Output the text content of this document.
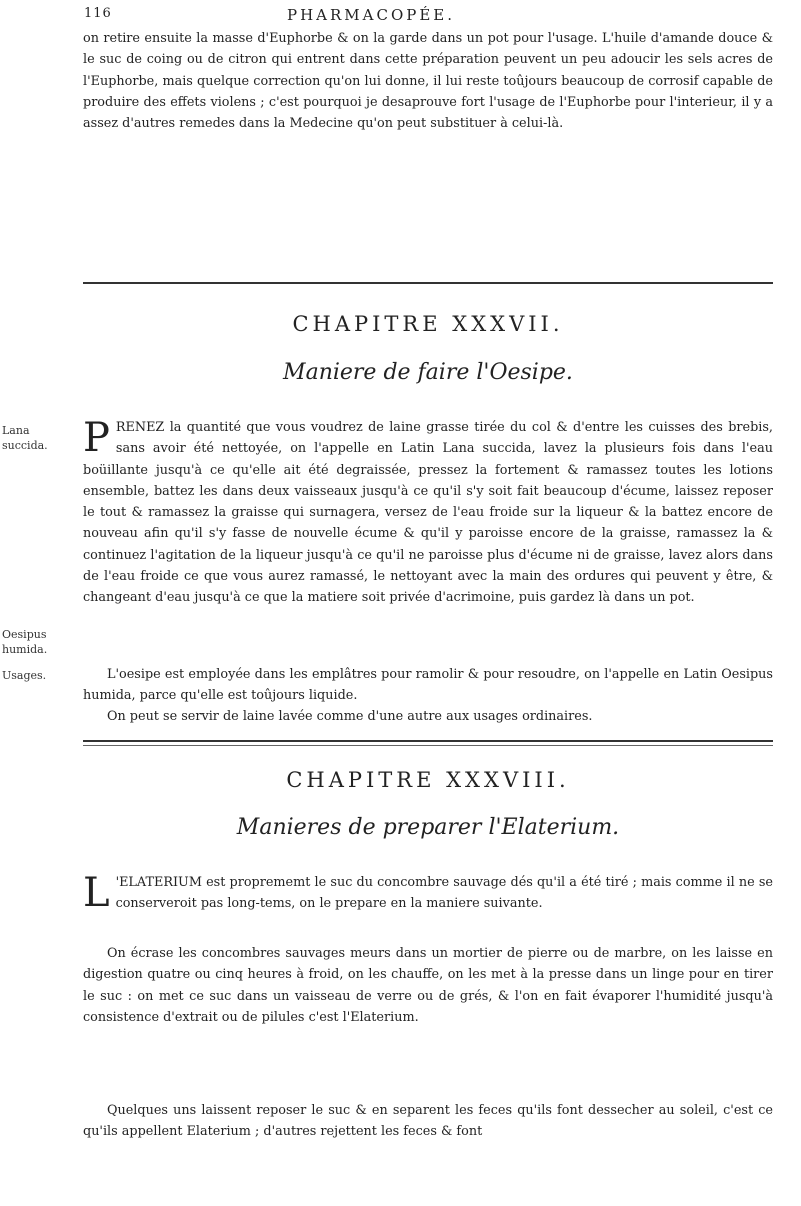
116	PHARMACOPÉE.
on retire ensuite la masse d'Euphorbe & on la garde dans un pot pour l'usage. L'huile d'amande douce & le suc de coing ou de citron qui entrent dans cette préparation peuvent un peu adoucir les sels acres de l'Euphorbe, mais quelque correction qu'on lui donne, il lui reste toûjours beaucoup de corrosif capable de produire des effets violens ; c'est pourquoi je desaprouve fort l'usage de l'Euphorbe pour l'interieur, il y a assez d'autres remedes dans la Medecine qu'on peut substituer à celui-là.
CHAPITRE XXXVII.
Maniere de faire l'Oesipe.
Lana succida.
Oesipus humida.
Usages.
PRENEZ la quantité que vous voudrez de laine grasse tirée du col & d'entre les cuisses des brebis, sans avoir été nettoyée, on l'appelle en Latin Lana succida, lavez la plusieurs fois dans l'eau boüillante jusqu'à ce qu'elle ait été degraissée, pressez la fortement & ramassez toutes les lotions ensemble, battez les dans deux vaisseaux jusqu'à ce qu'il s'y soit fait beaucoup d'écume, laissez reposer le tout & ramassez la graisse qui surnagera, versez de l'eau froide sur la liqueur & la battez encore de nouveau afin qu'il s'y fasse de nouvelle écume & qu'il y paroisse encore de la graisse, ramassez la & continuez l'agitation de la liqueur jusqu'à ce qu'il ne paroisse plus d'écume ni de graisse, lavez alors dans de l'eau froide ce que vous aurez ramassé, le nettoyant avec la main des ordures qui peuvent y être, & changeant d'eau jusqu'à ce que la matiere soit privée d'acrimoine, puis gardez là dans un pot.
L'oesipe est employée dans les emplâtres pour ramolir & pour resoudre, on l'appelle en Latin Oesipus humida, parce qu'elle est toûjours liquide.
On peut se servir de laine lavée comme d'une autre aux usages ordinaires.
CHAPITRE XXXVIII.
Manieres de preparer l'Elaterium.
L 'ELATERIUM est proprememt le suc du concombre sauvage dés qu'il a été tiré ; mais comme il ne se conserveroit pas long-tems, on le prepare en la maniere suivante.
On écrase les concombres sauvages meurs dans un mortier de pierre ou de marbre, on les laisse en digestion quatre ou cinq heures à froid, on les chauffe, on les met à la presse dans un linge pour en tirer le suc : on met ce suc dans un vaisseau de verre ou de grés, & l'on en fait évaporer l'humidité jusqu'à consistence d'extrait ou de pilules c'est l'Elaterium.
Quelques uns laissent reposer le suc & en separent les feces qu'ils font dessecher au soleil, c'est ce qu'ils appellent Elaterium ; d'autres rejettent les feces & font
